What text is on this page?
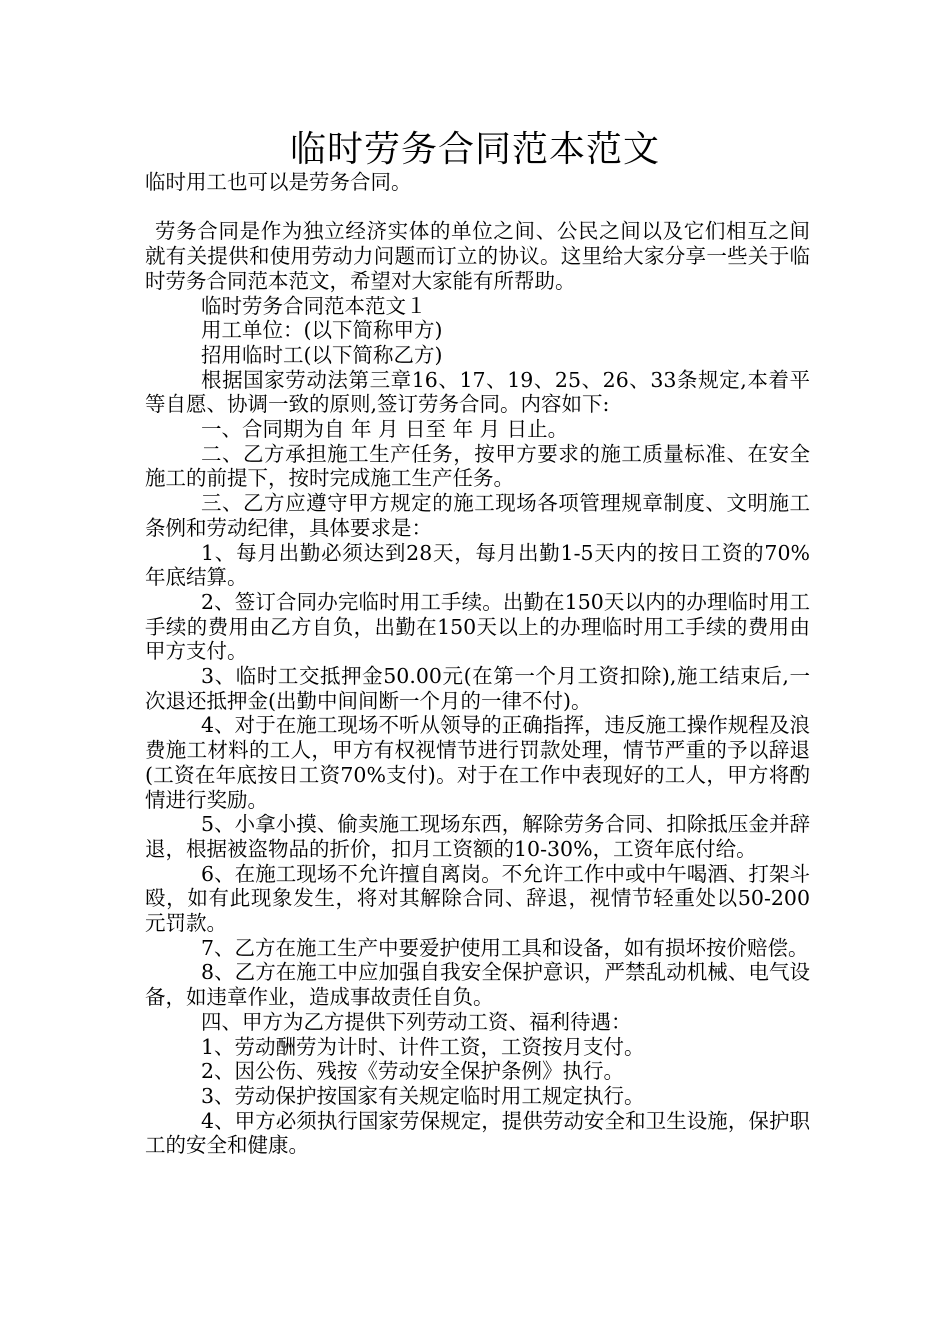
临时劳务合同范本范文

临时用工也可以是劳务合同。

劳务合同是作为独立经济实体的单位之间、公民之间以及它们相互之间就有关提供和使用劳动力问题而订立的协议。这里给大家分享一些关于临时劳务合同范本范文，希望对大家能有所帮助。

临时劳务合同范本范文１

用工单位：(以下简称甲方)

招用临时工(以下简称乙方)

根据国家劳动法第三章16、17、19、25、26、33条规定,本着平等自愿、协调一致的原则,签订劳务合同。内容如下:

一、合同期为自 年 月 日至 年 月 日止。

二、乙方承担施工生产任务，按甲方要求的施工质量标准、在安全施工的前提下，按时完成施工生产任务。

三、乙方应遵守甲方规定的施工现场各项管理规章制度、文明施工条例和劳动纪律，具体要求是：

1、每月出勤必须达到28天，每月出勤1-5天内的按日工资的70%年底结算。

2、签订合同办完临时用工手续。出勤在150天以内的办理临时用工手续的费用由乙方自负，出勤在150天以上的办理临时用工手续的费用由甲方支付。

3、临时工交抵押金50.00元(在第一个月工资扣除),施工结束后,一次退还抵押金(出勤中间间断一个月的一律不付)。

4、对于在施工现场不听从领导的正确指挥，违反施工操作规程及浪费施工材料的工人，甲方有权视情节进行罚款处理，情节严重的予以辞退(工资在年底按日工资70%支付)。对于在工作中表现好的工人，甲方将酌情进行奖励。

5、小拿小摸、偷卖施工现场东西，解除劳务合同、扣除抵压金并辞退，根据被盗物品的折价，扣月工资额的10-30%，工资年底付给。

6、在施工现场不允许擅自离岗。不允许工作中或中午喝酒、打架斗殴，如有此现象发生，将对其解除合同、辞退，视情节轻重处以50-200元罚款。

7、乙方在施工生产中要爱护使用工具和设备，如有损坏按价赔偿。

8、乙方在施工中应加强自我安全保护意识，严禁乱动机械、电气设备，如违章作业，造成事故责任自负。

四、甲方为乙方提供下列劳动工资、福利待遇：

1、劳动酬劳为计时、计件工资，工资按月支付。

2、因公伤、残按《劳动安全保护条例》执行。

3、劳动保护按国家有关规定临时用工规定执行。

4、甲方必须执行国家劳保规定，提供劳动安全和卫生设施，保护职工的安全和健康。
